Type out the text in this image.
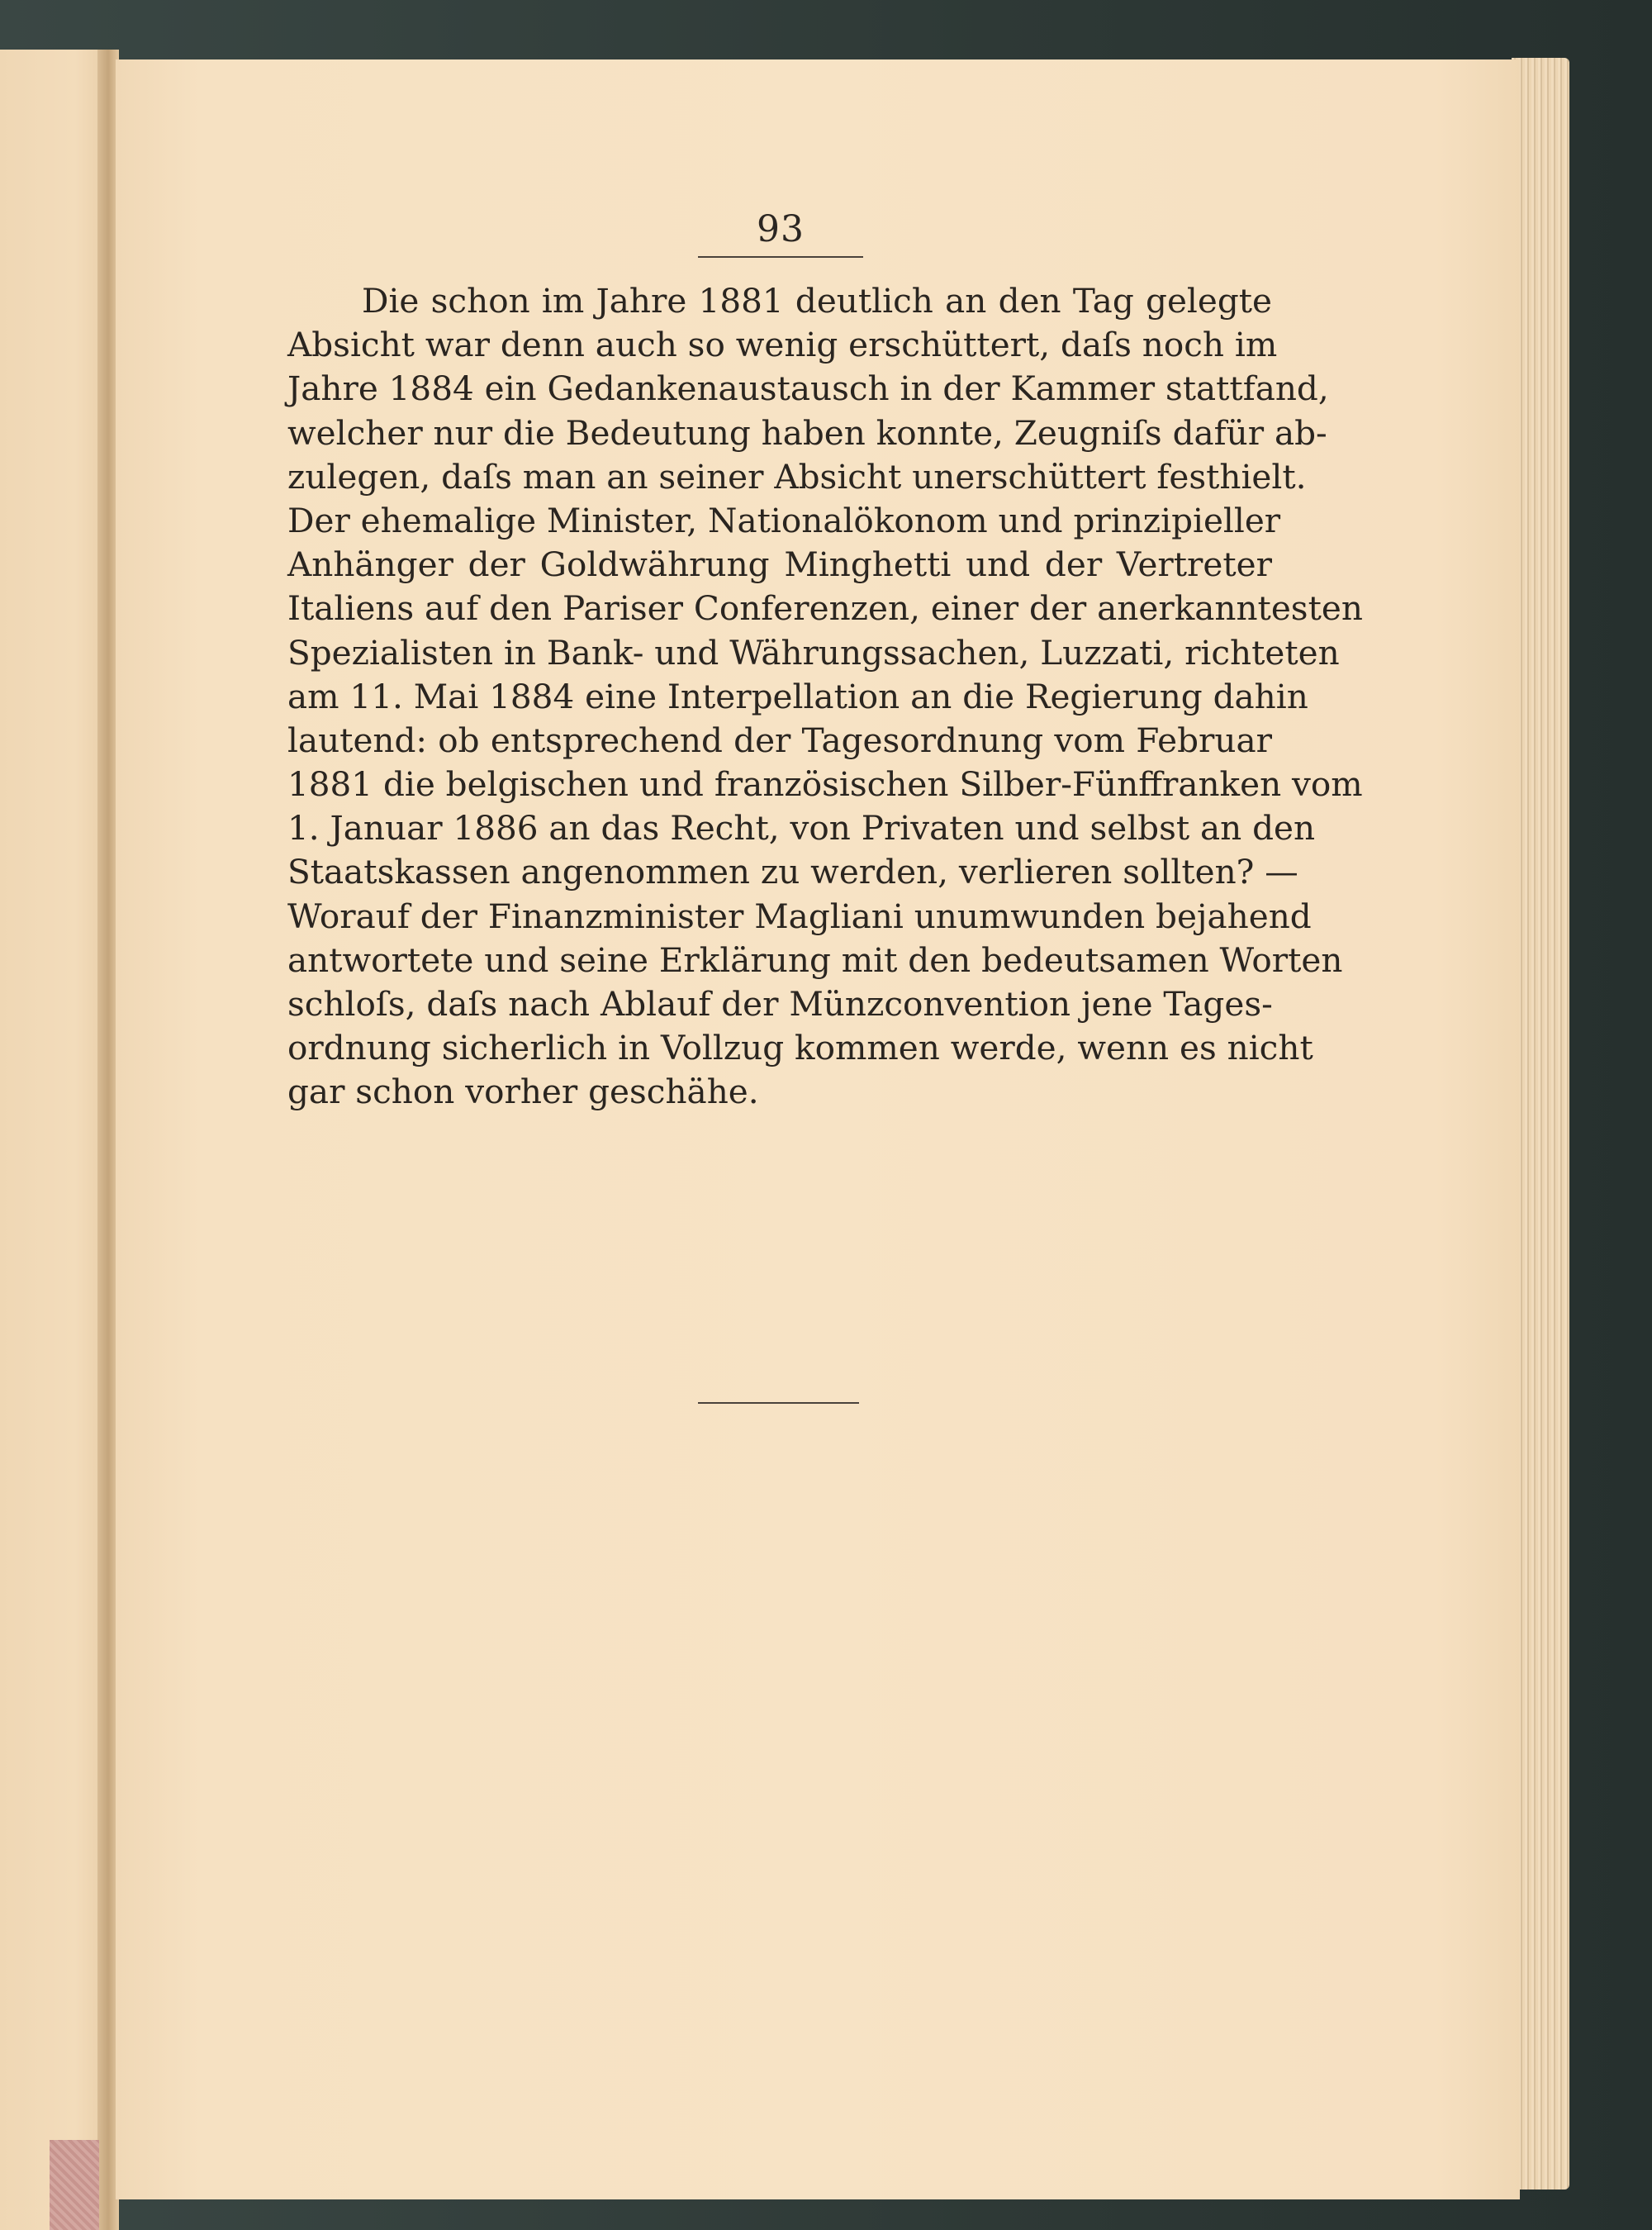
93
Die schon im Jahre 1881 deutlich an den Tag gelegte
Absicht war denn auch so wenig erschüttert, daſs noch im
Jahre 1884 ein Gedankenaustausch in der Kammer stattfand,
welcher nur die Bedeutung haben konnte, Zeugniſs dafür ab-
zulegen, daſs man an seiner Absicht unerschüttert festhielt.
Der ehemalige Minister, Nationalökonom und prinzipieller
Anhänger der Goldwährung Minghetti und der Vertreter
Italiens auf den Pariser Conferenzen, einer der anerkanntesten
Spezialisten in Bank- und Währungssachen, Luzzati, richteten
am 11. Mai 1884 eine Interpellation an die Regierung dahin
lautend: ob entsprechend der Tagesordnung vom Februar
1881 die belgischen und französischen Silber-Fünffranken vom
1. Januar 1886 an das Recht, von Privaten und selbst an den
Staatskassen angenommen zu werden, verlieren sollten? —
Worauf der Finanzminister Magliani unumwunden bejahend
antwortete und seine Erklärung mit den bedeutsamen Worten
schloſs, daſs nach Ablauf der Münzconvention jene Tages-
ordnung sicherlich in Vollzug kommen werde, wenn es nicht
gar schon vorher geschähe.
